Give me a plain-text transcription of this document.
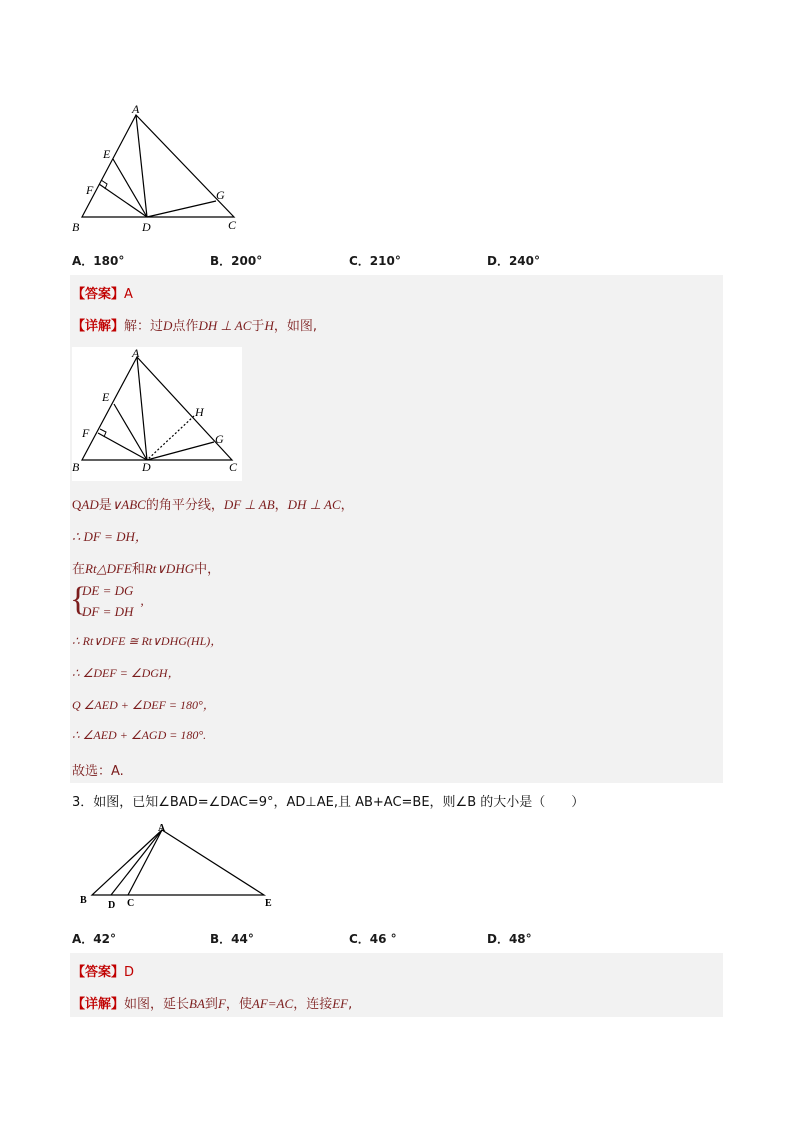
A
B	C
D
E
F	G
A．180°	B．200°	C．210°	D．240°
【答案】A
【详解】解：过D点作DH ⊥ AC于H，如图,
A
B	C
D
E
F	G
H
QAD是∨ABC的角平分线，DF ⊥ AB，DH ⊥ AC，
∴ DF = DH，
在Rt△DFE和Rt∨DHG中，
{
DE = DG
DF = DH ’
∴ Rt∨DFE ≅ Rt∨DHG(HL)，
∴ ∠DEF = ∠DGH，
Q ∠AED + ∠DEF = 180°，
∴ ∠AED + ∠AGD = 180°.
故选：A.
3．如图，已知∠BAD=∠DAC=9°，AD⊥AE,且 AB+AC=BE，则∠B 的大小是（　　）
A
B D C	E
A．42°	B．44°	C．46 °	D．48°
【答案】D
【详解】如图，延长BA到F，使AF=AC，连接EF,
